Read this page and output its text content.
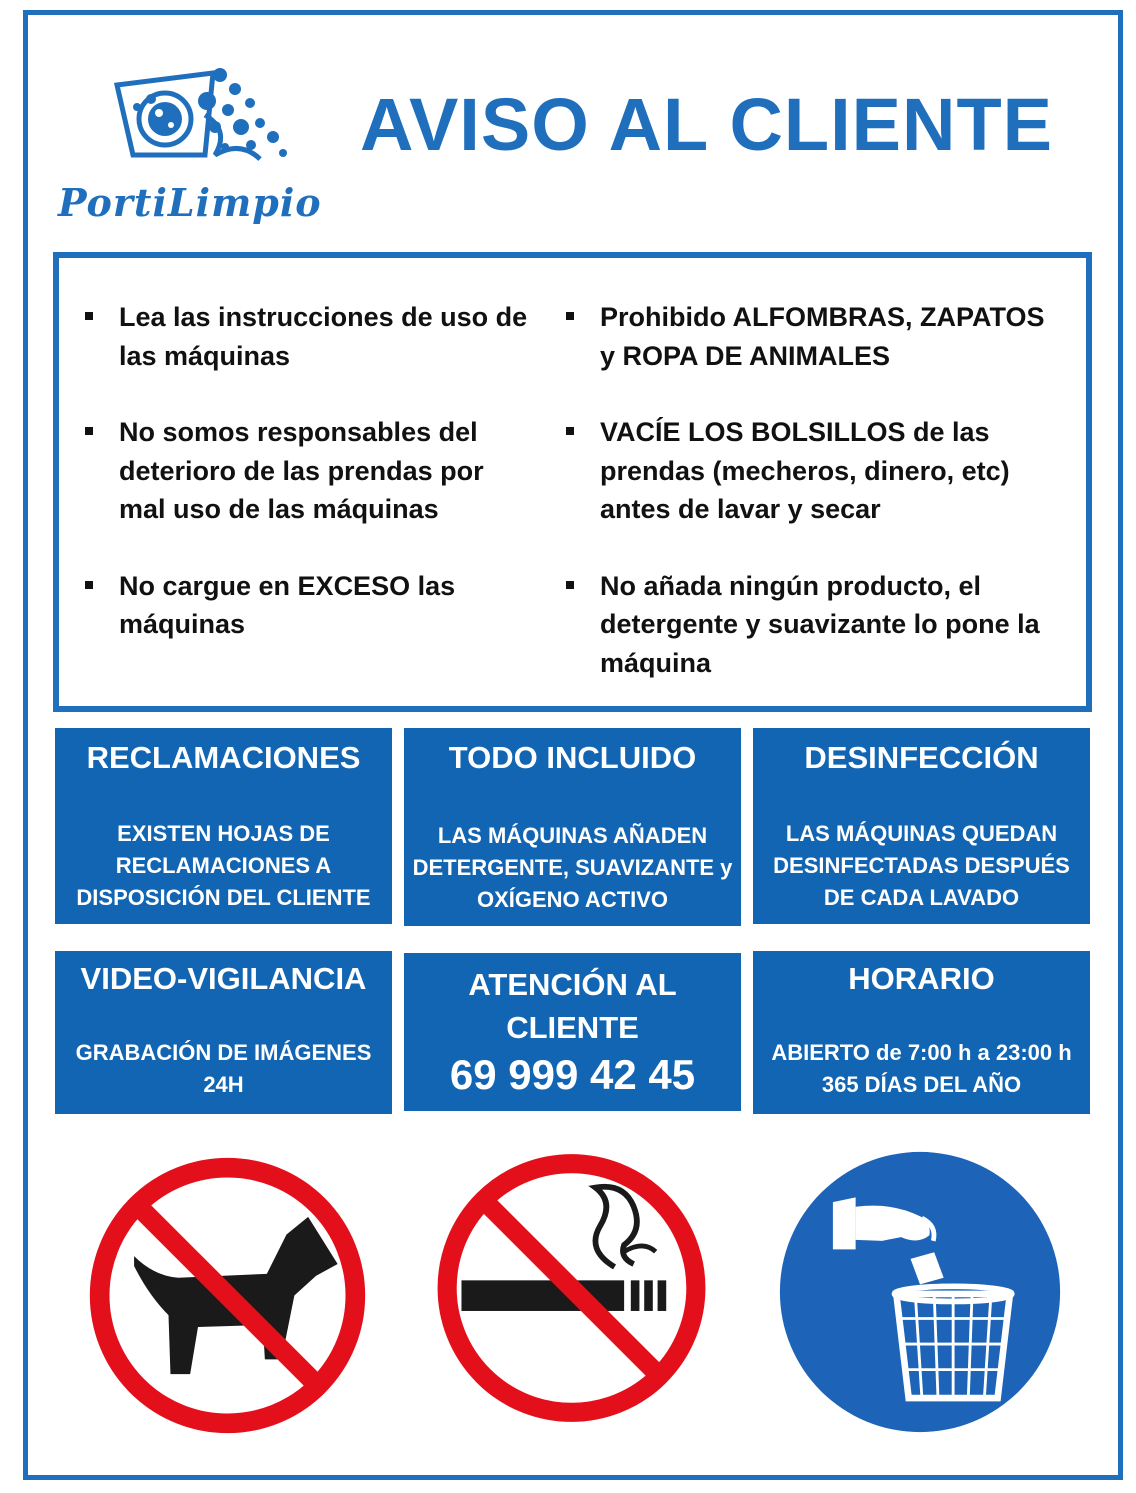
PortiLimpio
AVISO AL CLIENTE
Lea las instrucciones de uso de las máquinas
No somos responsables del deterioro de las prendas por mal uso de las máquinas
No cargue en EXCESO las máquinas
Prohibido ALFOMBRAS, ZAPATOS y ROPA DE ANIMALES
VACÍE LOS BOLSILLOS de las prendas (mecheros, dinero, etc) antes de lavar y secar
No añada ningún producto, el detergente y suavizante lo pone la máquina
RECLAMACIONES
EXISTEN HOJAS DE
RECLAMACIONES A
DISPOSICIÓN DEL CLIENTE
TODO INCLUIDO
LAS MÁQUINAS AÑADEN
DETERGENTE, SUAVIZANTE y
OXÍGENO ACTIVO
DESINFECCIÓN
LAS MÁQUINAS QUEDAN
DESINFECTADAS DESPUÉS
DE CADA LAVADO
VIDEO-VIGILANCIA
GRABACIÓN DE IMÁGENES
24H
ATENCIÓN AL
CLIENTE
69 999 42 45
HORARIO
ABIERTO de 7:00 h a 23:00 h
365 DÍAS DEL AÑO
